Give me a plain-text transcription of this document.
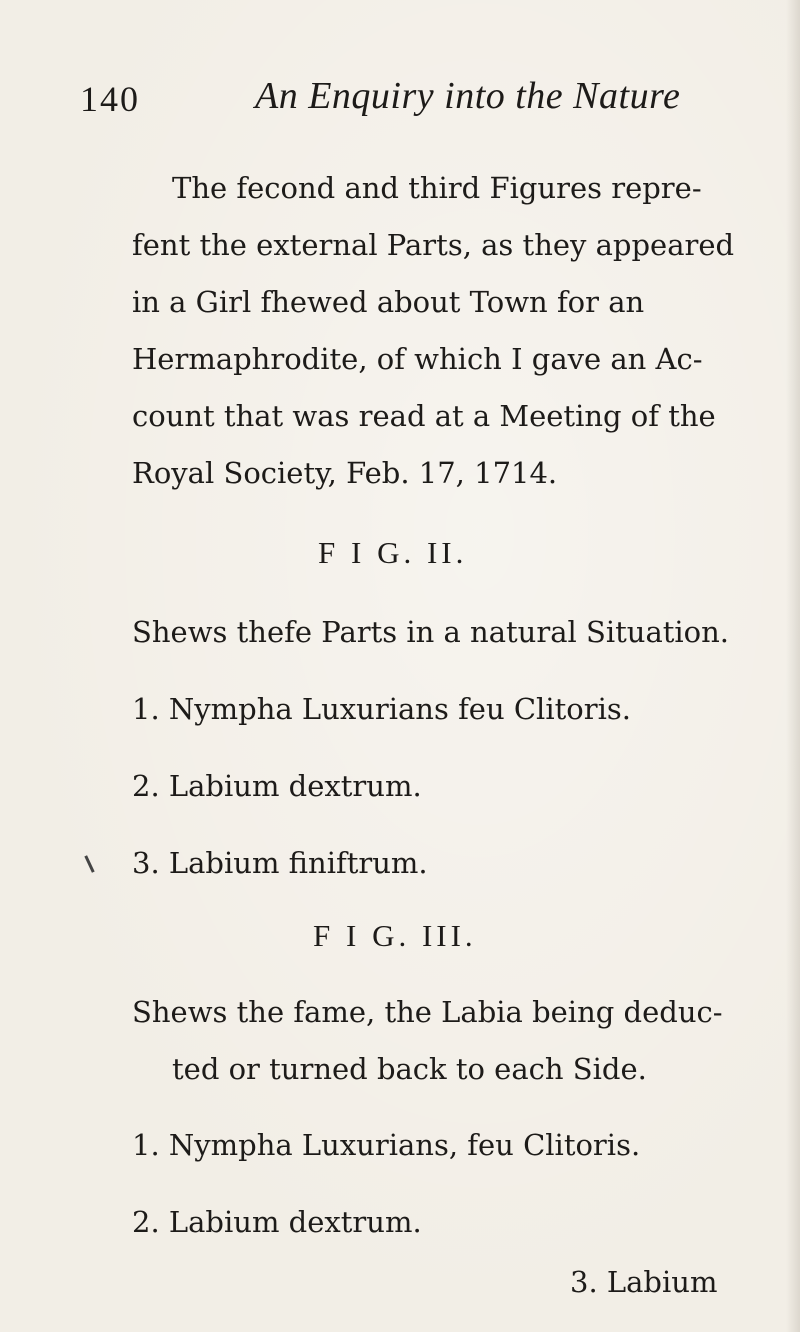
140	An Enquiry into the Nature
The fecond and third Figures repre-
fent the external Parts, as they appeared
in a Girl fhewed about Town for an
Hermaphrodite, of which I gave an Ac-
count that was read at a Meeting of the
Royal Society, Feb. 17, 1714.
F I G. II.
Shews thefe Parts in a natural Situation.
1. Nympha Luxurians feu Clitoris.
2. Labium dextrum.
3. Labium finiftrum.
F I G. III.
Shews the fame, the Labia being deduc-
ted or turned back to each Side.
1. Nympha Luxurians, feu Clitoris.
2. Labium dextrum.
3. Labium
